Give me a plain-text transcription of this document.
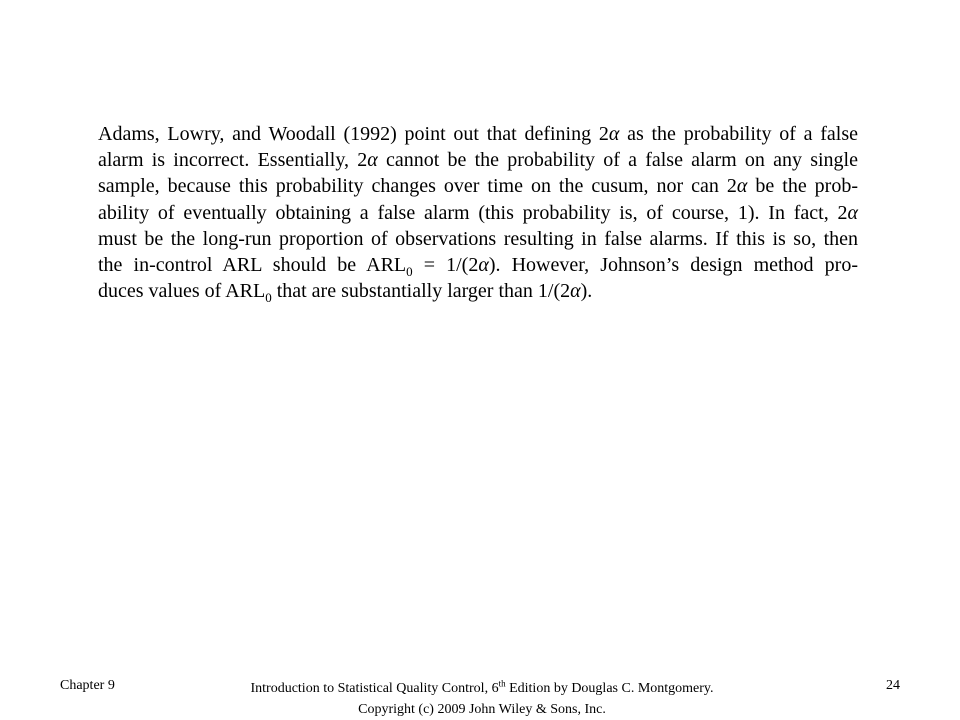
Adams, Lowry, and Woodall (1992) point out that defining 2α as the probability of a false
alarm is incorrect. Essentially, 2α cannot be the probability of a false alarm on any single
sample, because this probability changes over time on the cusum, nor can 2α be the prob-
ability of eventually obtaining a false alarm (this probability is, of course, 1). In fact, 2α
must be the long-run proportion of observations resulting in false alarms. If this is so, then
the in-control ARL should be $ARL_0 = 1/(2\alpha)$. However, Johnson’s design method pro-
duces values of $ARL_0$ that are substantially larger than 1/(2α).
Chapter 9	Introduction to Statistical Quality Control, 6th Edition by Douglas C. Montgomery.
Copyright (c) 2009 John Wiley & Sons, Inc.
24
